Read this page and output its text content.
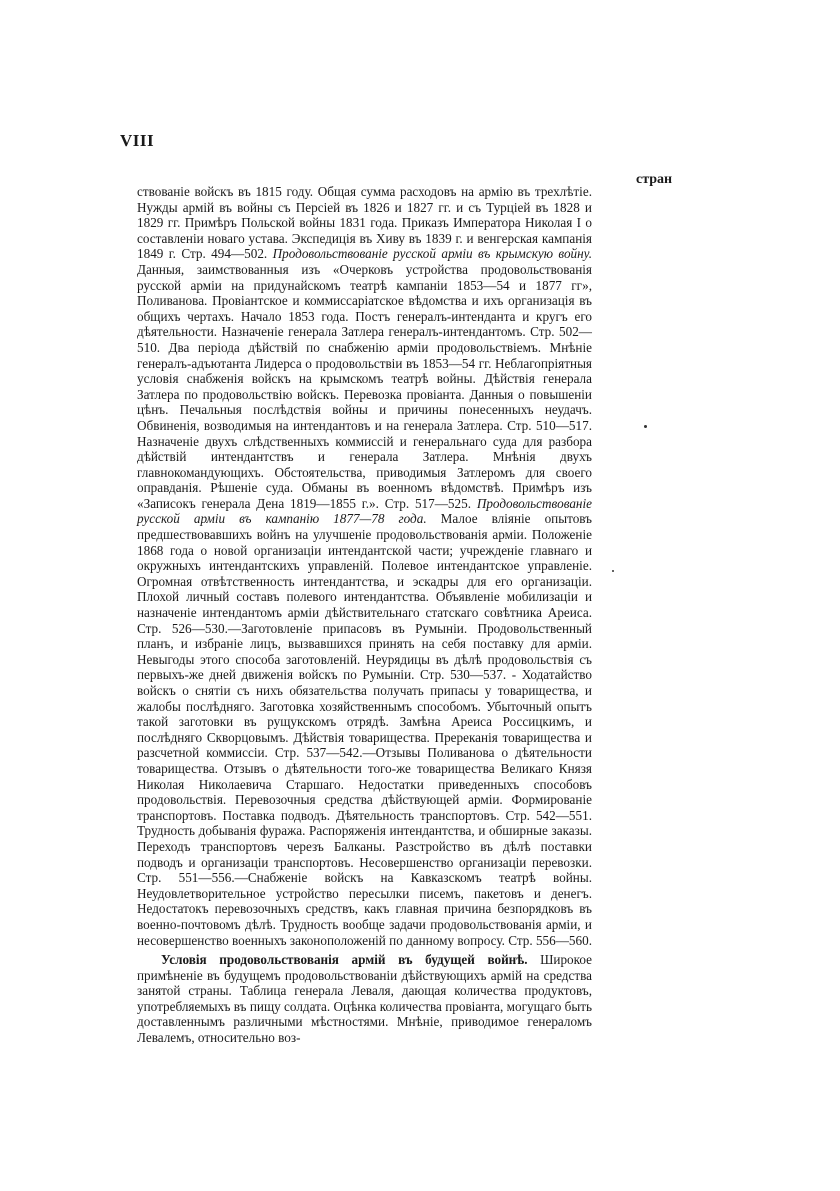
VIII
стран

ствованіе войскъ въ 1815 году. Общая сумма расходовъ на армію въ трехлѣтіе. Нужды армій въ войны съ Персіей въ 1826 и 1827 гг. и съ Турціей въ 1828 и 1829 гг. Примѣръ Польской войны 1831 года. Приказъ Императора Николая I о составленіи новаго устава. Экспедиція въ Хиву въ 1839 г. и венгерская кампанія 1849 г. Стр. 494—502. Продовольствованіе русской арміи въ крымскую войну. Данныя, заимствованныя изъ «Очерковъ устройства продовольствованія русской арміи на придунайскомъ театрѣ кампаніи 1853—54 и 1877 гг», Поливанова. Провіантское и коммиссаріатское вѣдомства и ихъ организація въ общихъ чертахъ. Начало 1853 года. Постъ генералъ-интенданта и кругъ его дѣятельности. Назначеніе генерала Затлера генералъ-интендантомъ. Стр. 502—510. Два періода дѣйствій по снабженію арміи продовольствіемъ. Мнѣніе генералъ-адъютанта Лидерса о продовольствіи въ 1853—54 гг. Неблагопріятныя условія снабженія войскъ на крымскомъ театрѣ войны. Дѣйствія генерала Затлера по продовольствію войскъ. Перевозка провіанта. Данныя о повышеніи цѣнъ. Печальныя послѣдствія войны и причины понесенныхъ неудачъ. Обвиненія, возводимыя на интендантовъ и на генерала Затлера. Стр. 510—517. Назначеніе двухъ слѣдственныхъ коммиссій и генеральнаго суда для разбора дѣйствій интендантствъ и генерала Затлера. Мнѣнія двухъ главнокомандующихъ. Обстоятельства, приводимыя Затлеромъ для своего оправданія. Рѣшеніе суда. Обманы въ военномъ вѣдомствѣ. Примѣръ изъ «Записокъ генерала Дена 1819—1855 г.». Стр. 517—525. Продовольствованіе русской арміи въ кампанію 1877—78 года. Малое вліяніе опытовъ предшествовавшихъ войнъ на улучшеніе продовольствованія арміи. Положеніе 1868 года о новой организаціи интендантской части; учрежденіе главнаго и окружныхъ интендантскихъ управленій. Полевое интендантское управленіе. Огромная отвѣтственность интендантства, и эскадры для его организаціи. Плохой личный составъ полевого интендантства. Объявленіе мобилизаціи и назначеніе интендантомъ арміи дѣйствительнаго статскаго совѣтника Ареиса. Стр. 526—530.—Заготовленіе припасовъ въ Румыніи. Продовольственный планъ, и избраніе лицъ, вызвавшихся принять на себя поставку для арміи. Невыгоды этого способа заготовленій. Неурядицы въ дѣлѣ продовольствія съ первыхъ-же дней движенія войскъ по Румыніи. Стр. 530—537. - Ходатайство войскъ о снятіи съ нихъ обязательства получать припасы у товарищества, и жалобы послѣдняго. Заготовка хозяйственнымъ способомъ. Убыточный опытъ такой заготовки въ рущукскомъ отрядѣ. Замѣна Ареиса Россицкимъ, и послѣдняго Скворцовымъ. Дѣйствія товарищества. Пререканія товарищества и разсчетной коммиссіи. Стр. 537—542.—Отзывы Поливанова о дѣятельности товарищества. Отзывъ о дѣятельности того-же товарищества Великаго Князя Николая Николаевича Старшаго. Недостатки приведенныхъ способовъ продовольствія. Перевозочныя средства дѣйствующей арміи. Формированіе транспортовъ. Поставка подводъ. Дѣятельность транспортовъ. Стр. 542—551. Трудность добыванія фуража. Распоряженія интендантства, и обширные заказы. Переходъ транспортовъ черезъ Балканы. Разстройство въ дѣлѣ поставки подводъ и организаціи транспортовъ. Несовершенство организаціи перевозки. Стр. 551—556.—Снабженіе войскъ на Кавказскомъ театрѣ войны. Неудовлетворительное устройство пересылки писемъ, пакетовъ и денегъ. Недостатокъ перевозочныхъ средствъ, какъ главная причина безпорядковъ въ военно-почтовомъ дѣлѣ. Трудность вообще задачи продовольствованія арміи, и несовершенство военныхъ законоположеній по данному вопросу. Стр. 556—560.

Условія продовольствованія армій въ будущей войнѣ. Широкое примѣненіе въ будущемъ продовольствованіи дѣйствующихъ армій на средства занятой страны. Таблица генерала Леваля, дающая количества продуктовъ, употребляемыхъ въ пищу солдата. Оцѣнка количества провіанта, могущаго быть доставленнымъ различными мѣстностями. Мнѣніе, приводимое генераломъ Левалемъ, относительно воз-
